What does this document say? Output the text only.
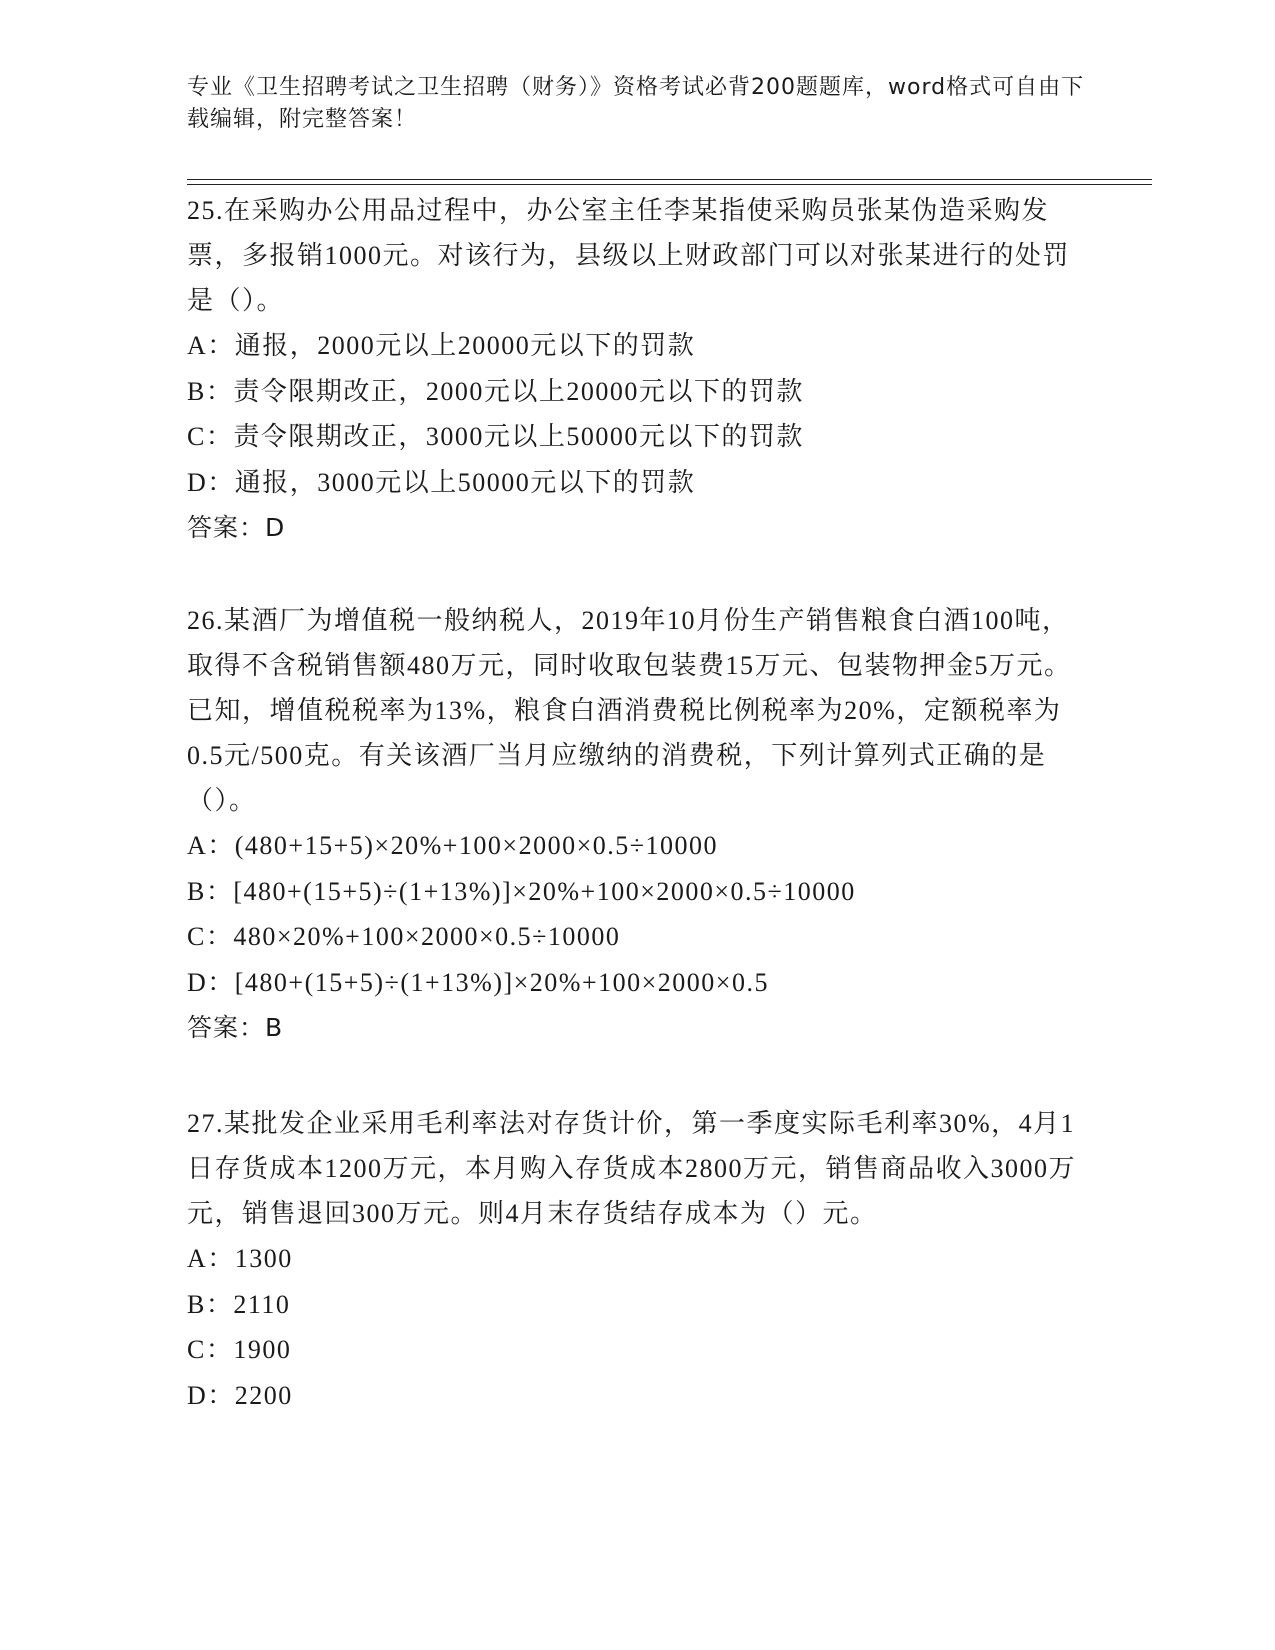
专业《卫生招聘考试之卫生招聘（财务）》资格考试必背200题题库，word格式可自由下载编辑，附完整答案！

25.在采购办公用品过程中，办公室主任李某指使采购员张某伪造采购发票，多报销1000元。对该行为，县级以上财政部门可以对张某进行的处罚是（）。

A：通报，2000元以上20000元以下的罚款

B：责令限期改正，2000元以上20000元以下的罚款

C：责令限期改正，3000元以上50000元以下的罚款

D：通报，3000元以上50000元以下的罚款

答案：D

26.某酒厂为增值税一般纳税人，2019年10月份生产销售粮食白酒100吨，取得不含税销售额480万元，同时收取包装费15万元、包装物押金5万元。已知，增值税税率为13%，粮食白酒消费税比例税率为20%，定额税率为0.5元/500克。有关该酒厂当月应缴纳的消费税，下列计算列式正确的是（）。

A：(480+15+5)×20%+100×2000×0.5÷10000

B：[480+(15+5)÷(1+13%)]×20%+100×2000×0.5÷10000

C：480×20%+100×2000×0.5÷10000

D：[480+(15+5)÷(1+13%)]×20%+100×2000×0.5

答案：B

27.某批发企业采用毛利率法对存货计价，第一季度实际毛利率30%，4月1日存货成本1200万元，本月购入存货成本2800万元，销售商品收入3000万元，销售退回300万元。则4月末存货结存成本为（）元。

A：1300

B：2110

C：1900

D：2200
